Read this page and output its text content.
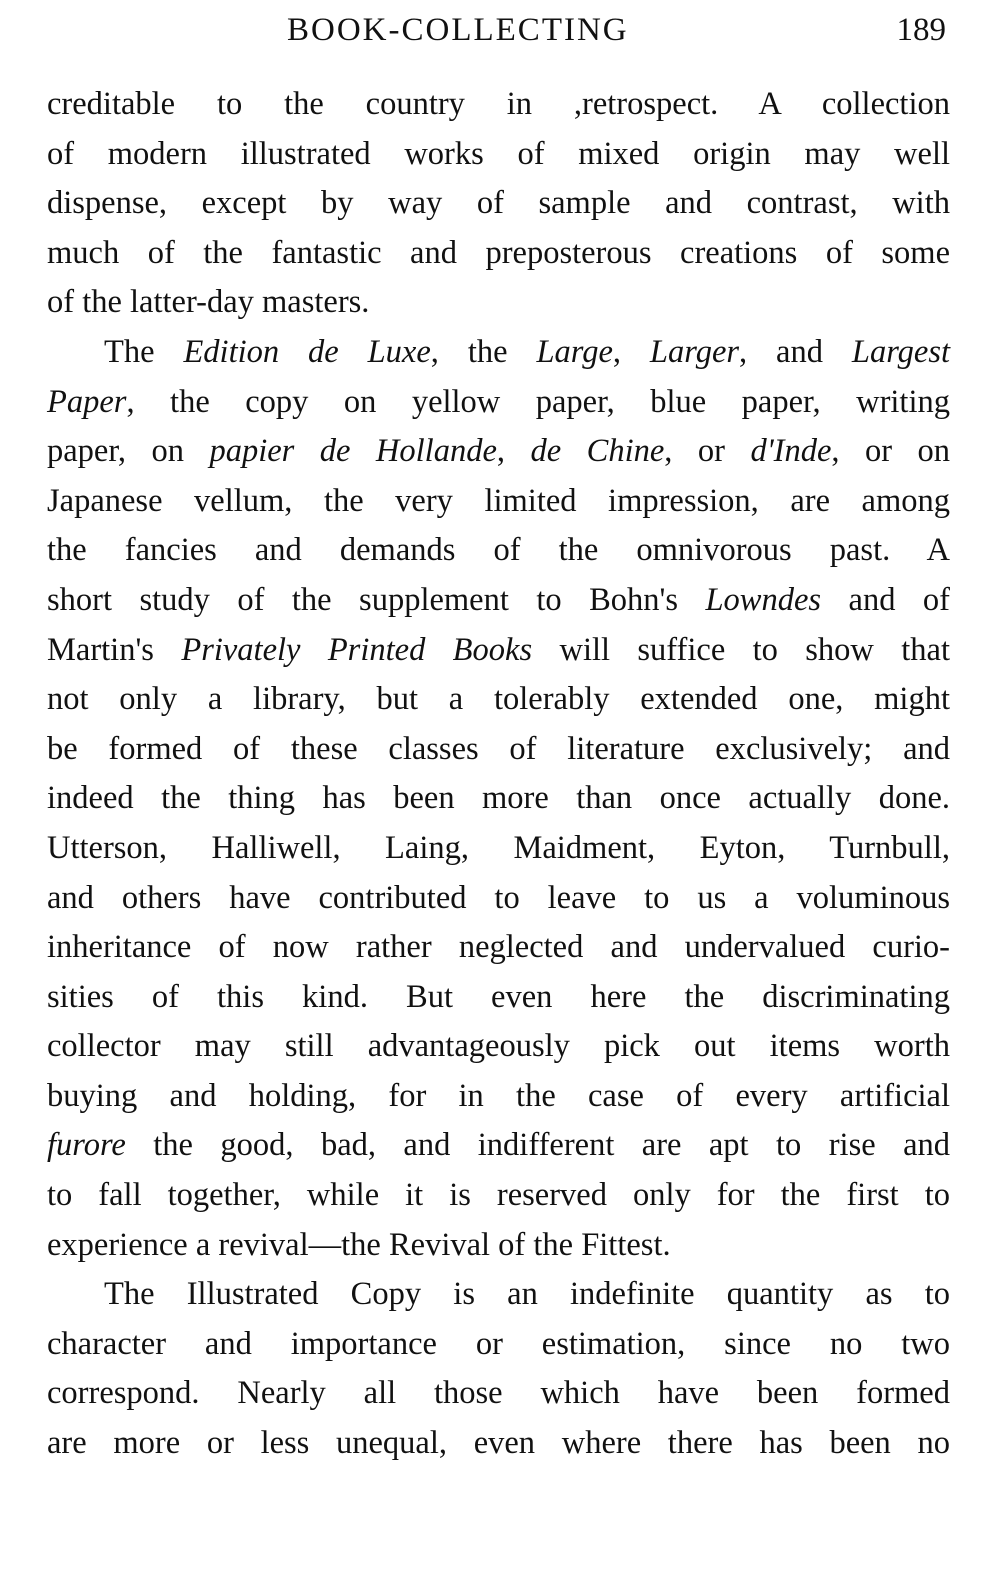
BOOK-COLLECTING	189
creditable to the country in ,retrospect. A collection
of modern illustrated works of mixed origin may well
dispense, except by way of sample and contrast, with
much of the fantastic and preposterous creations of some
of the latter-day masters.
The Edition de Luxe, the Large, Larger, and Largest
Paper, the copy on yellow paper, blue paper, writing
paper, on papier de Hollande, de Chine, or d'Inde, or on
Japanese vellum, the very limited impression, are among
the fancies and demands of the omnivorous past. A
short study of the supplement to Bohn's Lowndes and of
Martin's Privately Printed Books will suffice to show that
not only a library, but a tolerably extended one, might
be formed of these classes of literature exclusively; and
indeed the thing has been more than once actually done.
Utterson, Halliwell, Laing, Maidment, Eyton, Turnbull,
and others have contributed to leave to us a voluminous
inheritance of now rather neglected and undervalued curio-
sities of this kind. But even here the discriminating
collector may still advantageously pick out items worth
buying and holding, for in the case of every artificial
furore the good, bad, and indifferent are apt to rise and
to fall together, while it is reserved only for the first to
experience a revival—the Revival of the Fittest.
The Illustrated Copy is an indefinite quantity as to
character and importance or estimation, since no two
correspond. Nearly all those which have been formed
are more or less unequal, even where there has been no
